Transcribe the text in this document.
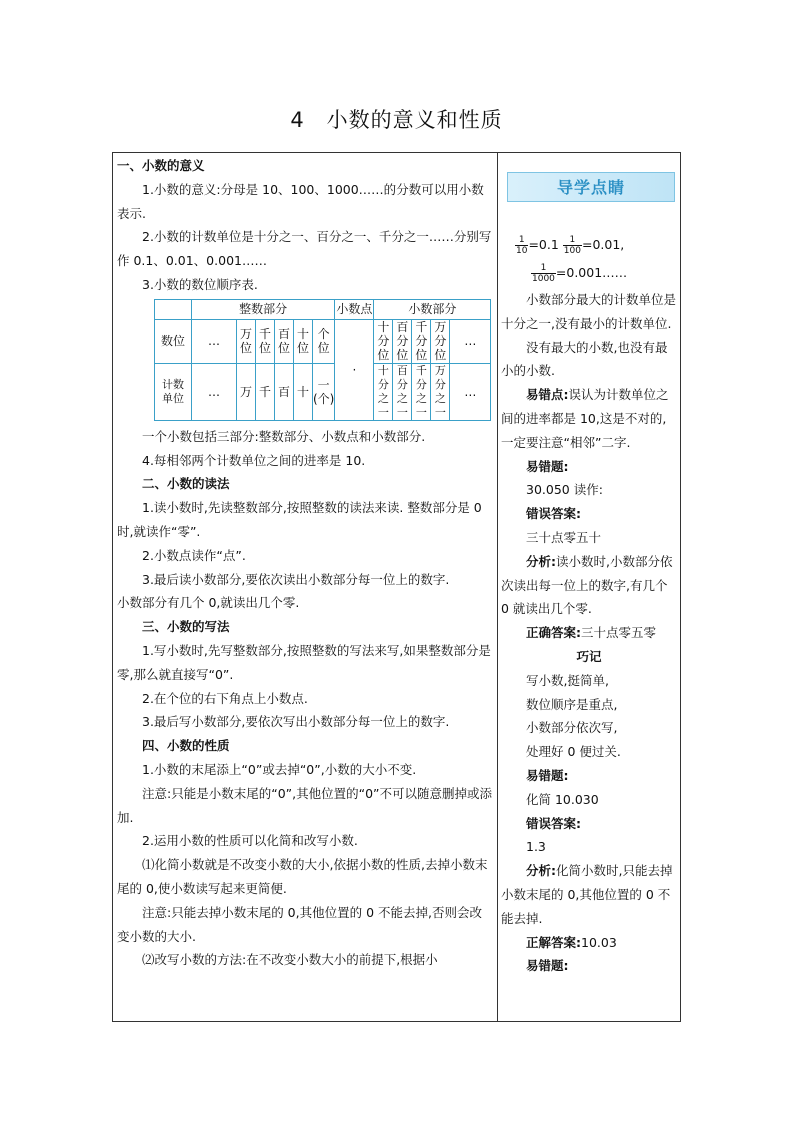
4　小数的意义和性质

一、小数的意义

1.小数的意义:分母是 10、100、1000……的分数可以用小数表示.

2.小数的计数单位是十分之一、百分之一、千分之一……分别写作 0.1、0.01、0.001……

3.小数的数位顺序表.

	整数部分						小数点	小数部分				
数位	…	万位	千位	百位	十位	个位	·	十分位	百分位	千分位	万分位	…
计数单位	…	万	千	百	十	一(个)		十分之一	百分之一	千分之一	万分之一	…

一个小数包括三部分:整数部分、小数点和小数部分.

4.每相邻两个计数单位之间的进率是 10.

二、小数的读法

1.读小数时,先读整数部分,按照整数的读法来读. 整数部分是 0 时,就读作“零”.

2.小数点读作“点”.

3.最后读小数部分,要依次读出小数部分每一位上的数字.

小数部分有几个 0,就读出几个零.

三、小数的写法

1.写小数时,先写整数部分,按照整数的写法来写,如果整数部分是零,那么就直接写“0”.

2.在个位的右下角点上小数点.

3.最后写小数部分,要依次写出小数部分每一位上的数字.

四、小数的性质

1.小数的末尾添上“0”或去掉“0”,小数的大小不变.

注意:只能是小数末尾的“0”,其他位置的“0”不可以随意删掉或添加.

2.运用小数的性质可以化简和改写小数.

⑴化简小数就是不改变小数的大小,依据小数的性质,去掉小数末尾的 0,使小数读写起来更简便.

注意:只能去掉小数末尾的 0,其他位置的 0 不能去掉,否则会改变小数的大小.

⑵改写小数的方法:在不改变小数大小的前提下,根据小

导学点睛

$\frac{1}{10} =0.1 \frac{1}{100} =0.01$,

$\frac{1}{1000}$ =0.001……

小数部分最大的计数单位是十分之一,没有最小的计数单位.

没有最大的小数,也没有最小的小数.

易错点:误认为计数单位之间的进率都是 10,这是不对的,一定要注意“相邻”二字.

易错题:

30.050 读作:

错误答案:

三十点零五十

分析:读小数时,小数部分依次读出每一位上的数字,有几个 0 就读出几个零.

正确答案:三十点零五零

巧记

写小数,挺简单,

数位顺序是重点,

小数部分依次写,

处理好 0 便过关.

易错题:

化简 10.030

错误答案:

1.3

分析:化简小数时,只能去掉小数末尾的 0,其他位置的 0 不能去掉.

正解答案:10.03

易错题:
